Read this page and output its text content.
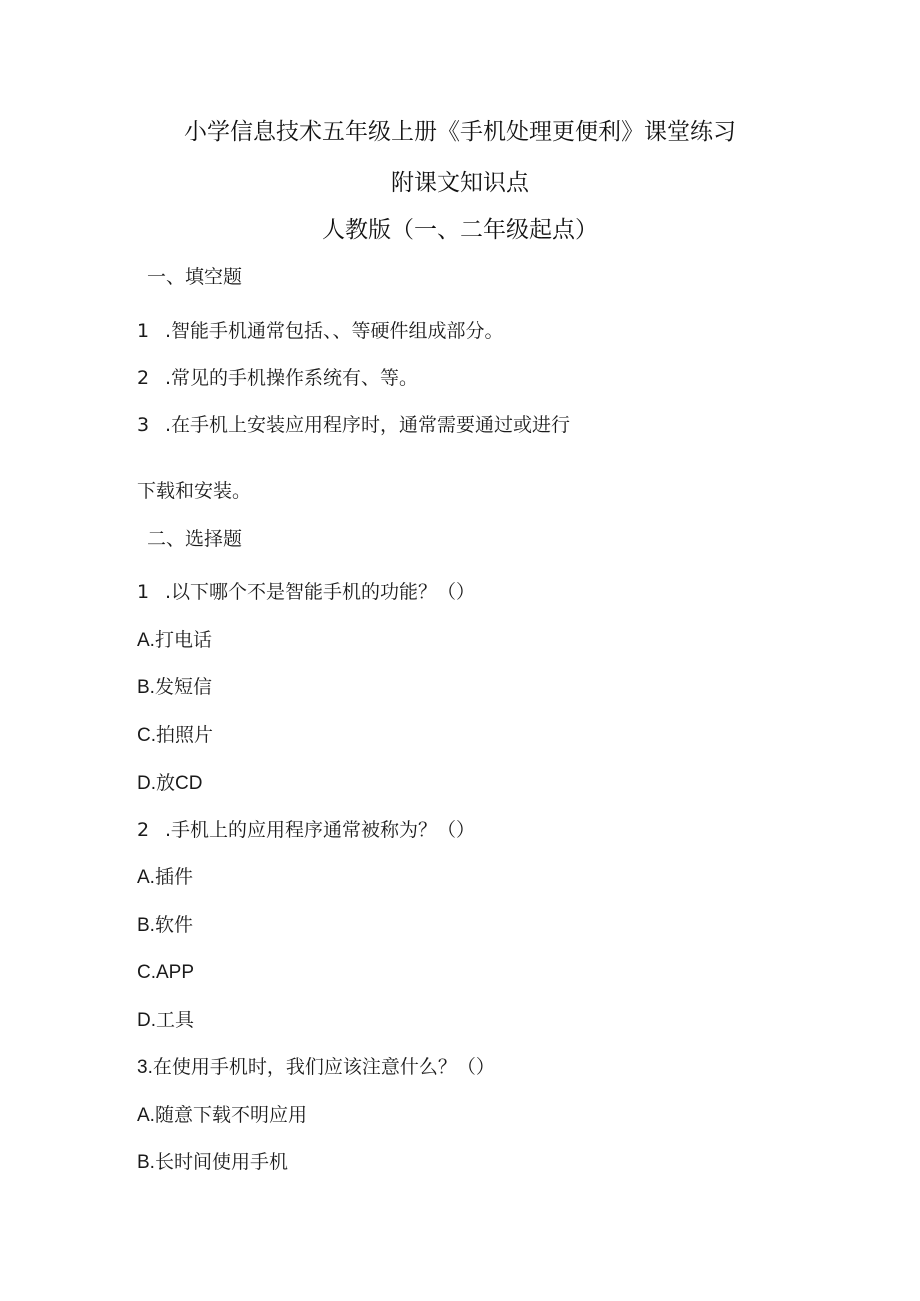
小学信息技术五年级上册《手机处理更便利》课堂练习
附课文知识点
人教版（一、二年级起点）
一、填空题
1 .智能手机通常包括、、等硬件组成部分。
2 .常见的手机操作系统有、等。
3 .在手机上安装应用程序时，通常需要通过或进行
下载和安装。
二、选择题
1 .以下哪个不是智能手机的功能？（）
A.打电话
B.发短信
C.拍照片
D.放CD
2 .手机上的应用程序通常被称为？（）
A.插件
B.软件
C.APP
D.工具
3.在使用手机时，我们应该注意什么？（）
A.随意下载不明应用
B.长时间使用手机
